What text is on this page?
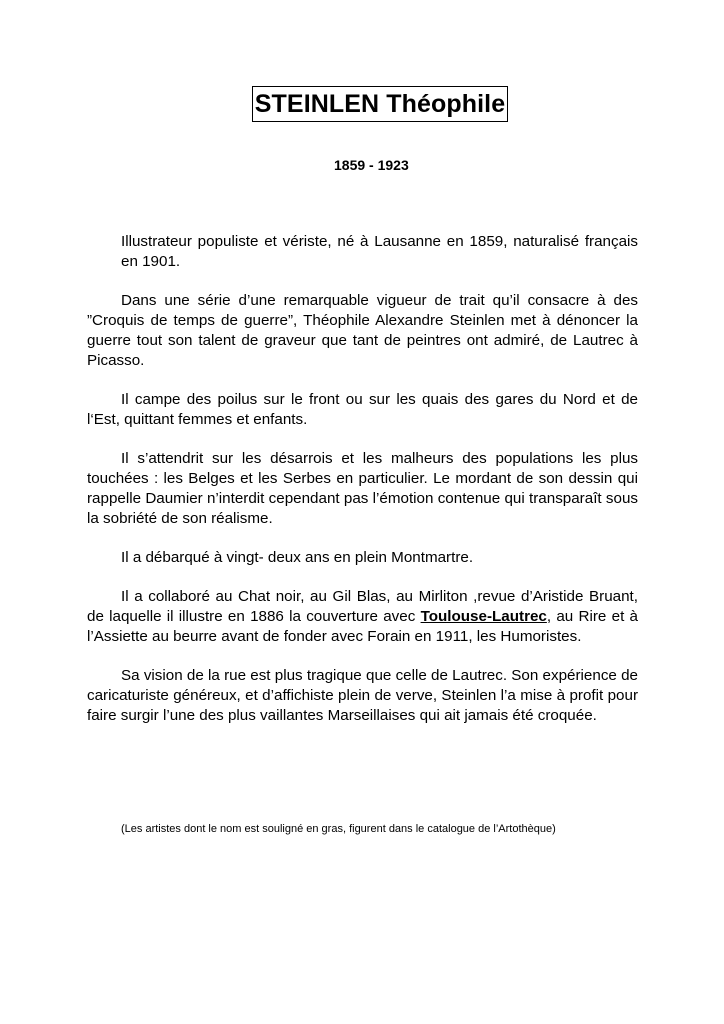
STEINLEN Théophile
1859 - 1923

Illustrateur populiste et vériste, né à Lausanne en 1859, naturalisé français en 1901.

Dans une série d’une remarquable vigueur de trait qu’il consacre à des ”Croquis de temps de guerre”, Théophile Alexandre Steinlen met à dénoncer la guerre tout son talent de graveur que tant de peintres ont admiré, de Lautrec à Picasso.

Il campe des poilus sur le front ou sur les quais des gares du Nord et de l‘Est, quittant femmes et enfants.

Il s’attendrit sur les désarrois et les malheurs des populations les plus touchées : les Belges et les Serbes en particulier. Le mordant de son dessin qui rappelle Daumier n’interdit cependant pas l’émotion contenue qui transparaît sous la sobriété de son réalisme.

Il a débarqué à vingt- deux ans en plein Montmartre.

Il a collaboré au Chat noir, au Gil Blas, au Mirliton ,revue d’Aristide Bruant, de laquelle il illustre en 1886 la couverture avec Toulouse-Lautrec, au Rire et à l’Assiette au beurre avant de fonder avec Forain en 1911, les Humoristes.

Sa vision de la rue est plus tragique que celle de Lautrec. Son expérience de caricaturiste généreux, et d’affichiste plein de verve, Steinlen l’a mise à profit pour faire surgir l’une des plus vaillantes Marseillaises qui ait jamais été croquée.

(Les artistes dont le nom est souligné en gras, figurent dans le catalogue de l’Artothèque)
